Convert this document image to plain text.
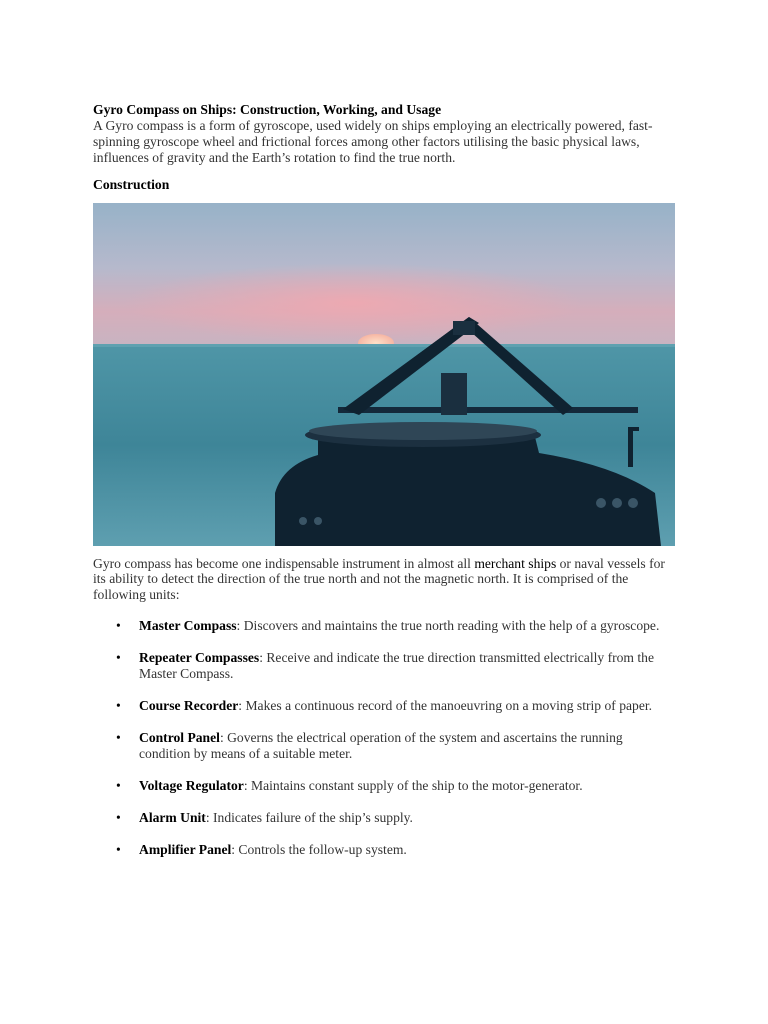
Gyro Compass on Ships: Construction, Working, and Usage

A Gyro compass is a form of gyroscope, used widely on ships employing an electrically powered, fast-spinning gyroscope wheel and frictional forces among other factors utilising the basic physical laws, influences of gravity and the Earth’s rotation to find the true north.

Construction

Gyro compass has become one indispensable instrument in almost all merchant ships or naval vessels for its ability to detect the direction of the true north and not the magnetic north. It is comprised of the following units:

• Master Compass: Discovers and maintains the true north reading with the help of a gyroscope.
• Repeater Compasses: Receive and indicate the true direction transmitted electrically from the Master Compass.
• Course Recorder: Makes a continuous record of the manoeuvring on a moving strip of paper.
• Control Panel: Governs the electrical operation of the system and ascertains the running condition by means of a suitable meter.
• Voltage Regulator: Maintains constant supply of the ship to the motor-generator.
• Alarm Unit: Indicates failure of the ship’s supply.
• Amplifier Panel: Controls the follow-up system.
